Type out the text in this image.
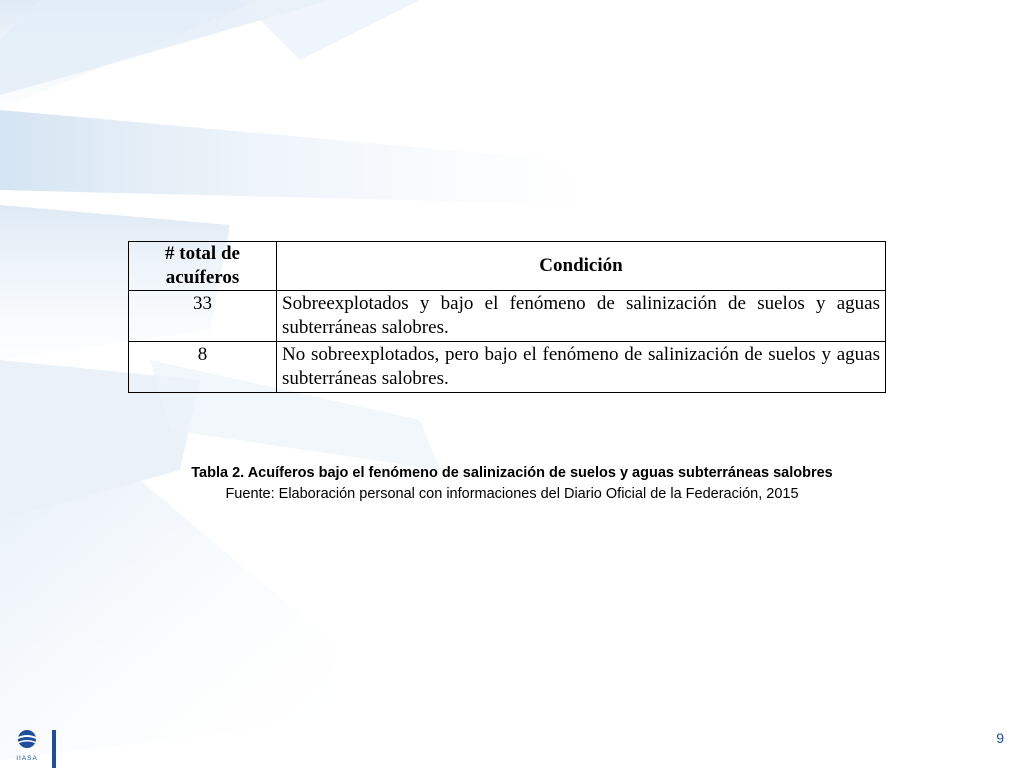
# total de acuíferos	Condición
33	Sobreexplotados y bajo el fenómeno de salinización de suelos y aguas subterráneas salobres.
8	No sobreexplotados, pero bajo el fenómeno de salinización de suelos y aguas subterráneas salobres.
Tabla 2. Acuíferos bajo el fenómeno de salinización de suelos y aguas subterráneas salobres
Fuente: Elaboración personal con informaciones del Diario Oficial de la Federación, 2015
IIASA
9
